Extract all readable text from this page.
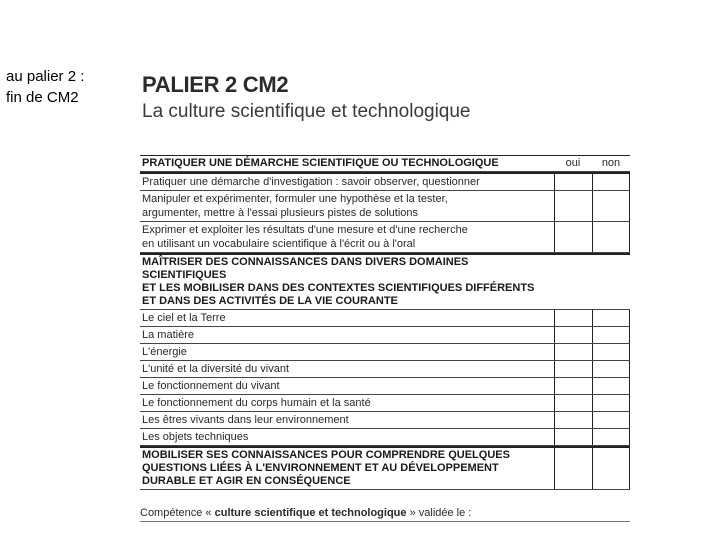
au palier 2 :
fin de CM2
PALIER 2 CM2
La culture scientifique et technologique
PRATIQUER UNE DÉMARCHE SCIENTIFIQUE OU TECHNOLOGIQUE	oui	non
Pratiquer une démarche d'investigation : savoir observer, questionner
Manipuler et expérimenter, formuler une hypothèse et la tester,
argumenter, mettre à l'essai plusieurs pistes de solutions
Exprimer et exploiter les résultats d'une mesure et d'une recherche
en utilisant un vocabulaire scientifique à l'écrit ou à l'oral
MAÎTRISER DES CONNAISSANCES DANS DIVERS DOMAINES SCIENTIFIQUES
ET LES MOBILISER DANS DES CONTEXTES SCIENTIFIQUES DIFFÉRENTS
ET DANS DES ACTIVITÉS DE LA VIE COURANTE
Le ciel et la Terre
La matière
L'énergie
L'unité et la diversité du vivant
Le fonctionnement du vivant
Le fonctionnement du corps humain et la santé
Les êtres vivants dans leur environnement
Les objets techniques
MOBILISER SES CONNAISSANCES POUR COMPRENDRE QUELQUES
QUESTIONS LIÉES À L'ENVIRONNEMENT ET AU DÉVELOPPEMENT
DURABLE ET AGIR EN CONSÉQUENCE
Compétence « culture scientifique et technologique » validée le :
